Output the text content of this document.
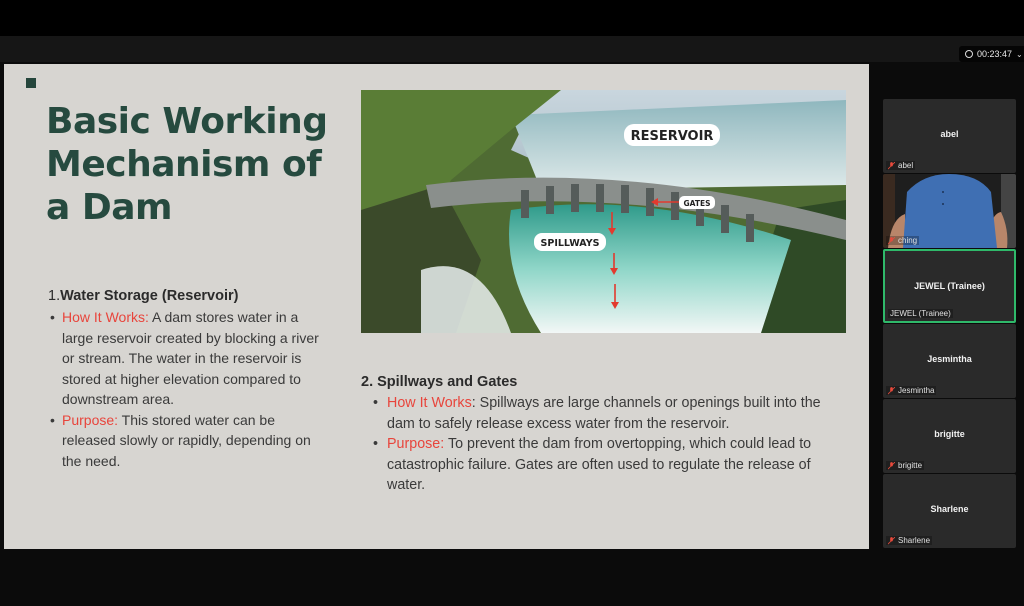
00:23:47 ⌄
Basic Working Mechanism of a Dam
1.Water Storage (Reservoir)
• How It Works: A dam stores water in a large reservoir created by blocking a river or stream. The water in the reservoir is stored at higher elevation compared to downstream area.
• Purpose: This stored water can be released slowly or rapidly, depending on the need.
RESERVOIR
SPILLWAYS
GATES
2. Spillways and Gates
• How It Works: Spillways are large channels or openings built into the dam to safely release excess water from the reservoir.
• Purpose: To prevent the dam from overtopping, which could lead to catastrophic failure. Gates are often used to regulate the release of water.
abel
abel
ching
JEWEL (Trainee)
JEWEL (Trainee)
Jesmintha
Jesmintha
brigitte
brigitte
Sharlene
Sharlene
